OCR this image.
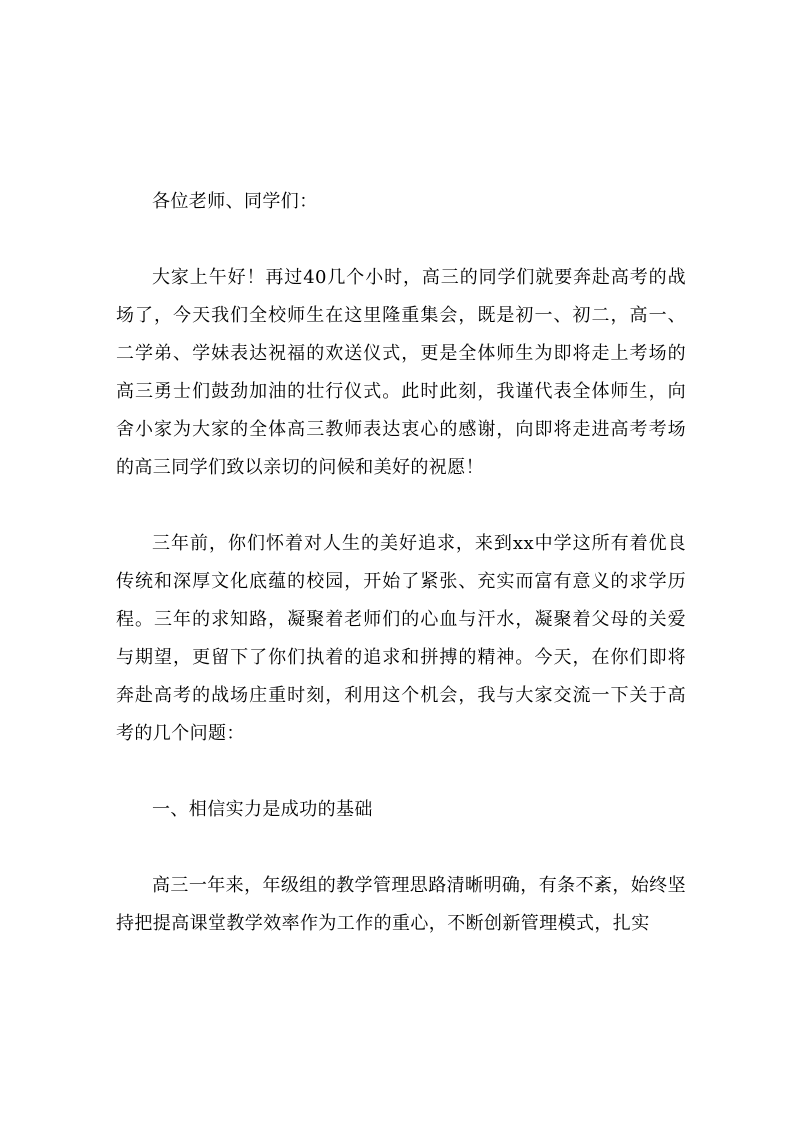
各位老师、同学们：

大家上午好！再过40几个小时，高三的同学们就要奔赴高考的战场了，今天我们全校师生在这里隆重集会，既是初一、初二，高一、二学弟、学妹表达祝福的欢送仪式，更是全体师生为即将走上考场的高三勇士们鼓劲加油的壮行仪式。此时此刻，我谨代表全体师生，向舍小家为大家的全体高三教师表达衷心的感谢，向即将走进高考考场的高三同学们致以亲切的问候和美好的祝愿！

三年前，你们怀着对人生的美好追求，来到xx中学这所有着优良传统和深厚文化底蕴的校园，开始了紧张、充实而富有意义的求学历程。三年的求知路，凝聚着老师们的心血与汗水，凝聚着父母的关爱与期望，更留下了你们执着的追求和拼搏的精神。今天，在你们即将奔赴高考的战场庄重时刻，利用这个机会，我与大家交流一下关于高考的几个问题：

一、相信实力是成功的基础

高三一年来，年级组的教学管理思路清晰明确，有条不紊，始终坚持把提高课堂教学效率作为工作的重心，不断创新管理模式，扎实
